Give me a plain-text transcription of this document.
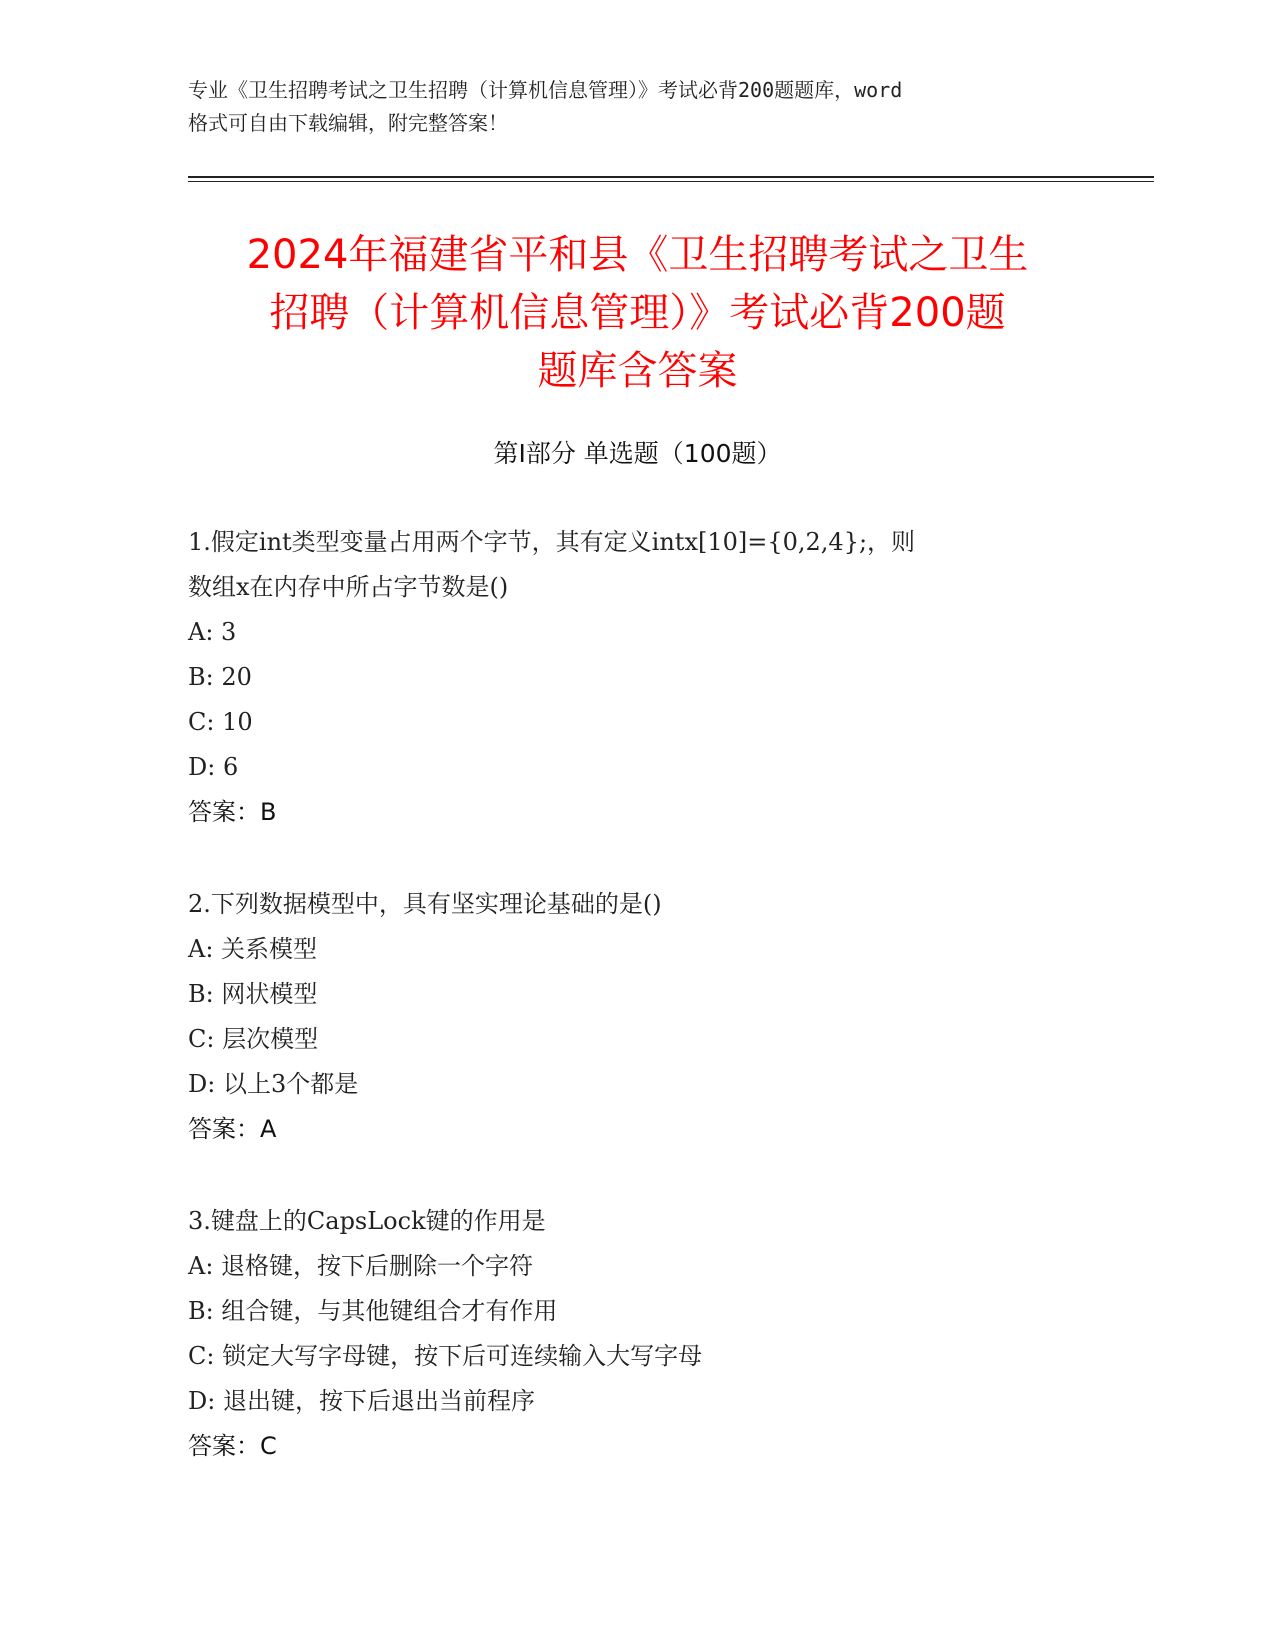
专业《卫生招聘考试之卫生招聘（计算机信息管理）》考试必背200题题库，word
格式可自由下载编辑，附完整答案！
2024年福建省平和县《卫生招聘考试之卫生
招聘（计算机信息管理）》考试必背200题
题库含答案
第Ⅰ部分 单选题（100题）
1.假定int类型变量占用两个字节，其有定义intx[10]={0,2,4};，则
数组x在内存中所占字节数是()
A: 3
B: 20
C: 10
D: 6
答案：B
2.下列数据模型中，具有坚实理论基础的是()
A: 关系模型
B: 网状模型
C: 层次模型
D: 以上3个都是
答案：A
3.键盘上的CapsLock键的作用是
A: 退格键，按下后删除一个字符
B: 组合键，与其他键组合才有作用
C: 锁定大写字母键，按下后可连续输入大写字母
D: 退出键，按下后退出当前程序
答案：C
